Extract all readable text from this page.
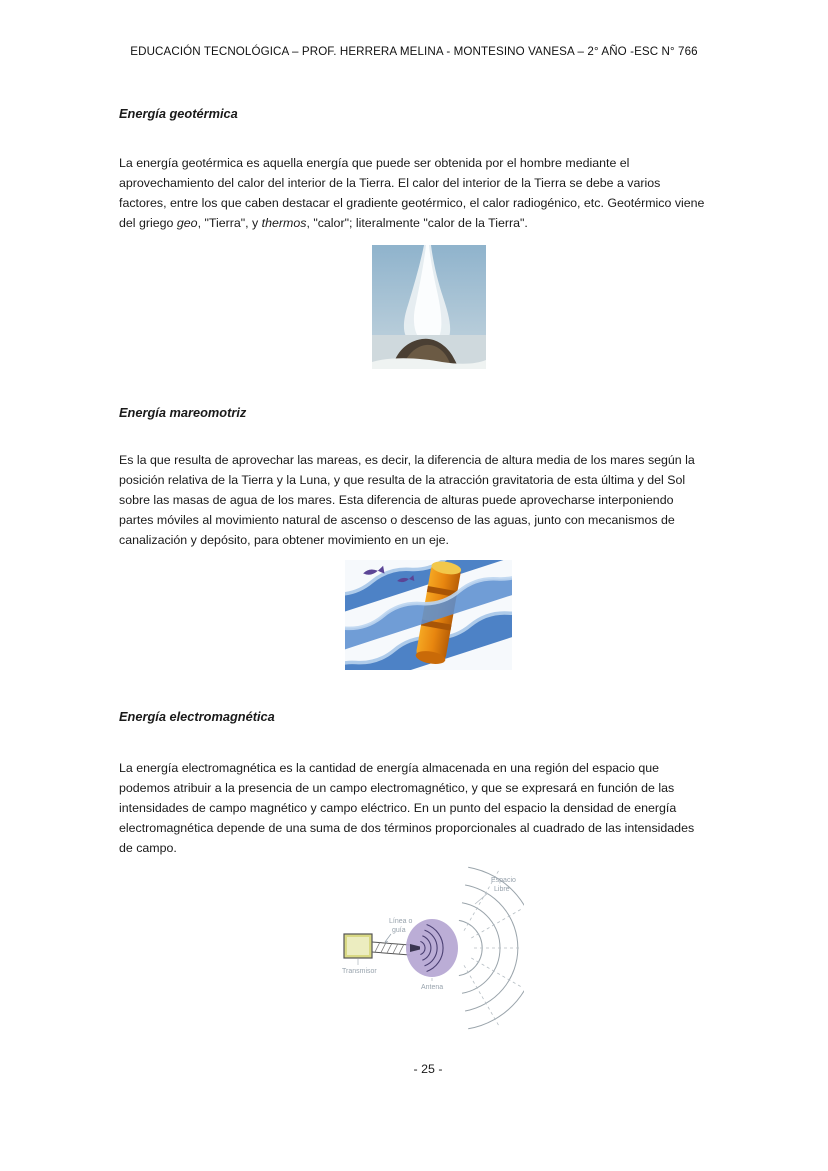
EDUCACIÓN TECNOLÓGICA – PROF. HERRERA MELINA - MONTESINO VANESA – 2° AÑO -ESC N° 766
Energía geotérmica

La energía geotérmica es aquella energía que puede ser obtenida por el hombre mediante el aprovechamiento del calor del interior de la Tierra. El calor del interior de la Tierra se debe a varios factores, entre los que caben destacar el gradiente geotérmico, el calor radiogénico, etc. Geotérmico viene del griego geo, "Tierra", y thermos, "calor"; literalmente "calor de la Tierra".

Energía mareomotriz

Es la que resulta de aprovechar las mareas, es decir, la diferencia de altura media de los mares según la posición relativa de la Tierra y la Luna, y que resulta de la atracción gravitatoria de esta última y del Sol sobre las masas de agua de los mares. Esta diferencia de alturas puede aprovecharse interponiendo partes móviles al movimiento natural de ascenso o descenso de las aguas, junto con mecanismos de canalización y depósito, para obtener movimiento en un eje.

Energía electromagnética

La energía electromagnética es la cantidad de energía almacenada en una región del espacio que podemos atribuir a la presencia de un campo electromagnético, y que se expresará en función de las intensidades de campo magnético y campo eléctrico. En un punto del espacio la densidad de energía electromagnética depende de una suma de dos términos proporcionales al cuadrado de las intensidades de campo.

Espacio
Libre
Línea o
guía
Transmisor
Antena
- 25 -
